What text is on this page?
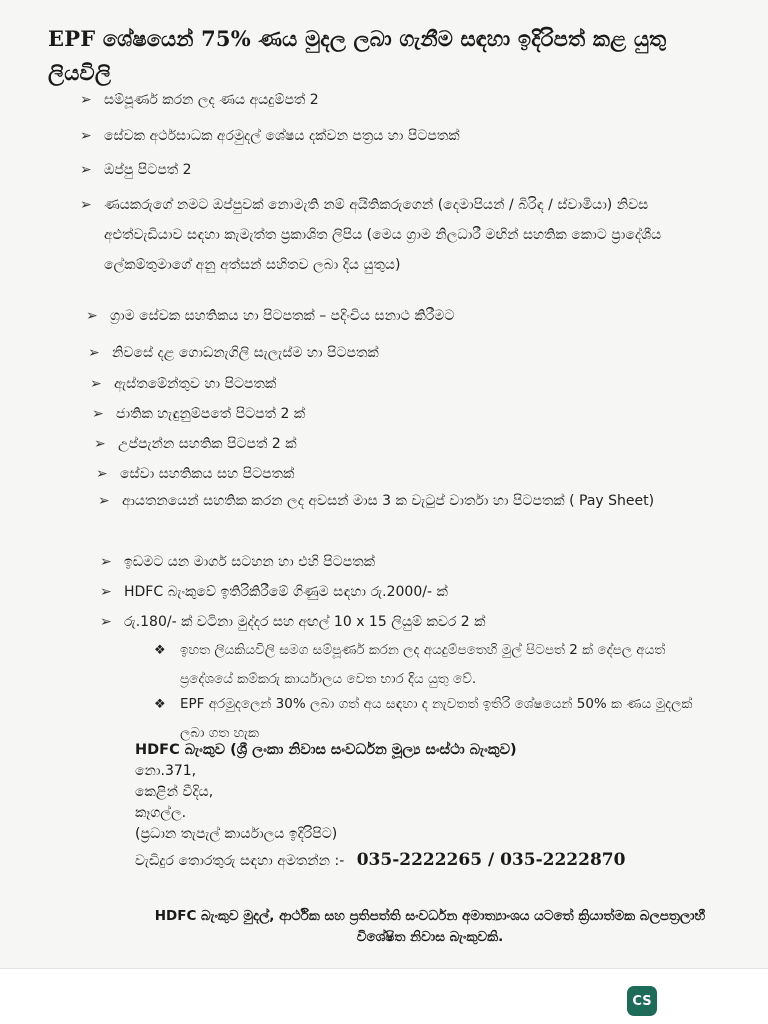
EPF ශේෂයෙන් 75% ණය මුදල ලබා ගැනීම සඳහා ඉදිරිපත් කළ යුතු ලියවිලි
➢ සම්පූර්ණ කරන ලද ණය අයදුම්පත් 2
➢ සේවක අර්ථසාධක අරමුදල් ශේෂය දක්වන පත්‍රය හා පිටපතක්
➢ ඔප්පු පිටපත් 2
➢ ණයකරුගේ නමට ඔප්පුවක් නොමැති නම් අයිතිකරුගෙන් (දෙමාපියන් / බිරිඳ / ස්වාමියා) නිවස අළුත්වැඩියාව සඳහා කැමැත්ත ප්‍රකාශිත ලිපිය (මෙය ග්‍රාම නිලධාරී මඟින් සහතික කොට ප්‍රාදේශීය ලේකම්තුමාගේ අනු අත්සන් සහිතව ලබා දිය යුතුය)
➢ ග්‍රාම සේවක සහතිකය හා පිටපතක් – පදිංචිය සනාථ කිරීමට
➢ නිවසේ දළ ගොඩනැගිලි සැලැස්ම හා පිටපතක්
➢ ඇස්තමේන්තුව හා පිටපතක්
➢ ජාතික හැඳුනුම්පතේ පිටපත් 2 ක්
➢ උප්පැන්න සහතික පිටපත් 2 ක්
➢ සේවා සහතිකය සහ පිටපතක්
➢ ආයතනයෙන් සහතික කරන ලද අවසන් මාස 3 ක වැටුප් වාර්තා හා පිටපතක් ( Pay Sheet)
➢ ඉඩමට යන මාර්ග සටහන හා එහි පිටපතක්
➢ HDFC බැංකුවේ ඉතිරිකිරීමේ ගිණුම සඳහා රු.2000/- ක්
➢ රු.180/- ක් වටිනා මුද්දර සහ අඟල් 10 x 15 ලියුම් කවර 2 ක්
❖ ඉහත ලියකියවිලි සමග සම්පූර්ණ කරන ලද අයදුම්පතෙහි මුල් පිටපත් 2 ක් දේපල අයත් ප්‍රදේශයේ කම්කරු කාර්යාලය වෙත භාර දිය යුතු වේ.
❖ EPF අරමුදලෙන් 30% ලබා ගත් අය සඳහා ද නැවතත් ඉතිරි ශේෂයෙන් 50% ක ණය මුදලක් ලබා ගත හැක
HDFC බැංකුව (ශ්‍රී ලංකා නිවාස සංවර්ධන මූල්‍ය සංස්ථා බැංකුව)
නො.371,
කෙළින් වීදිය,
කෑගල්ල.
(ප්‍රධාන තැපැල් කාර්යාලය ඉදිරිපිට)
වැඩිදුර තොරතුරු සඳහා අමතන්න :- 035-2222265 / 035-2222870
HDFC බැංකුව මුදල්, ආර්ථික සහ ප්‍රතිපත්ති සංවර්ධන අමාත්‍යාංශය යටතේ ක්‍රියාත්මක බලපත්‍රලාභී විශේෂිත නිවාස බැංකුවකි.
CS
